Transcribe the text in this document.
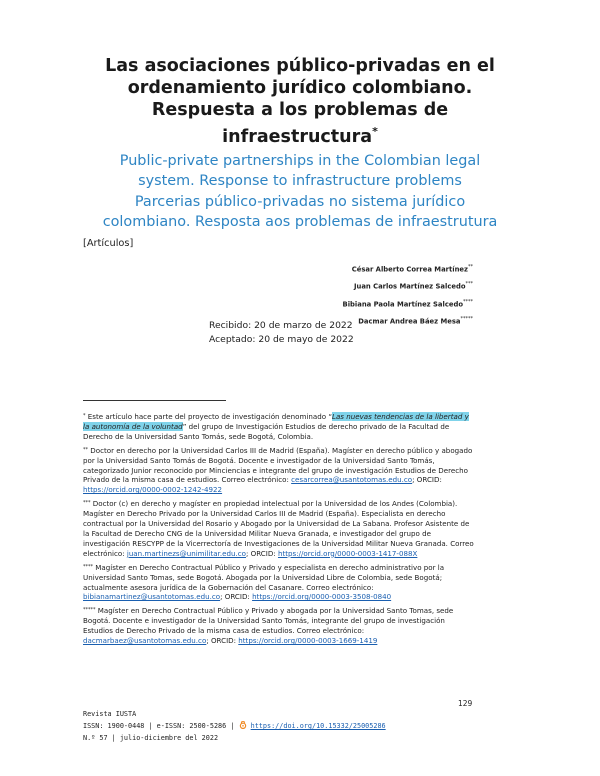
Las asociaciones público-privadas en el
ordenamiento jurídico colombiano.
Respuesta a los problemas de
infraestructura*
Public-private partnerships in the Colombian legal
system. Response to infrastructure problems
Parcerias público-privadas no sistema jurídico
colombiano. Resposta aos problemas de infraestrutura
[Artículos]
César Alberto Correa Martínez**
Juan Carlos Martínez Salcedo***
Bibiana Paola Martínez Salcedo****
Dacmar Andrea Báez Mesa*****
Recibido: 20 de marzo de 2022
Aceptado: 20 de mayo de 2022

* Este artículo hace parte del proyecto de investigación denominado “Las nuevas tendencias de la libertad y la autonomía de la voluntad” del grupo de Investigación Estudios de derecho privado de la Facultad de Derecho de la Universidad Santo Tomás, sede Bogotá, Colombia.

** Doctor en derecho por la Universidad Carlos III de Madrid (España). Magíster en derecho público y abogado por la Universidad Santo Tomás de Bogotá. Docente e investigador de la Universidad Santo Tomás, categorizado Junior reconocido por Minciencias e integrante del grupo de investigación Estudios de Derecho Privado de la misma casa de estudios. Correo electrónico: cesarcorrea@usantotomas.edu.co; ORCID: https://orcid.org/0000-0002-1242-4922

*** Doctor (c) en derecho y magíster en propiedad intelectual por la Universidad de los Andes (Colombia). Magíster en Derecho Privado por la Universidad Carlos III de Madrid (España). Especialista en derecho contractual por la Universidad del Rosario y Abogado por la Universidad de La Sabana. Profesor Asistente de la Facultad de Derecho CNG de la Universidad Militar Nueva Granada, e investigador del grupo de investigación RESCYPP de la Vicerrectoría de Investigaciones de la Universidad Militar Nueva Granada. Correo electrónico: juan.martinezs@unimilitar.edu.co; ORCID: https://orcid.org/0000-0003-1417-088X

**** Magíster en Derecho Contractual Público y Privado y especialista en derecho administrativo por la Universidad Santo Tomas, sede Bogotá. Abogada por la Universidad Libre de Colombia, sede Bogotá; actualmente asesora jurídica de la Gobernación del Casanare. Correo electrónico: bibianamartinez@usantotomas.edu.co; ORCID: https://orcid.org/0000-0003-3508-0840

***** Magíster en Derecho Contractual Público y Privado y abogada por la Universidad Santo Tomas, sede Bogotá. Docente e investigador de la Universidad Santo Tomás, integrante del grupo de investigación Estudios de Derecho Privado de la misma casa de estudios. Correo electrónico: dacmarbaez@usantotomas.edu.co; ORCID: https://orcid.org/0000-0003-1669-1419

129
Revista IUSTA
ISSN: 1900-0448 | e-ISSN: 2500-5286 | https://doi.org/10.15332/25005286
N.º 57 | julio-diciembre del 2022
